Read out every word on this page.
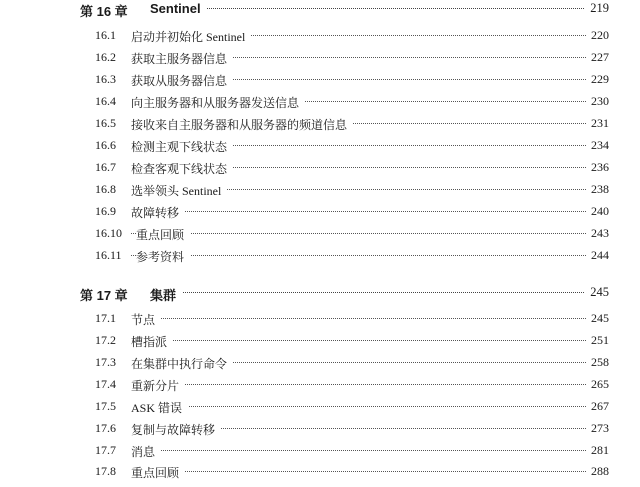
第 16 章 Sentinel	219
16.1 启动并初始化 Sentinel	220
16.2 获取主服务器信息	227
16.3 获取从服务器信息	229
16.4 向主服务器和从服务器发送信息	230
16.5 接收来自主服务器和从服务器的频道信息	231
16.6 检测主观下线状态	234
16.7 检查客观下线状态	236
16.8 选举领头 Sentinel	238
16.9 故障转移	240
16.10 重点回顾	243
16.11 参考资料	244
第 17 章 集群	245
17.1 节点	245
17.2 槽指派	251
17.3 在集群中执行命令	258
17.4 重新分片	265
17.5 ASK 错误	267
17.6 复制与故障转移	273
17.7 消息	281
17.8 重点回顾	288
